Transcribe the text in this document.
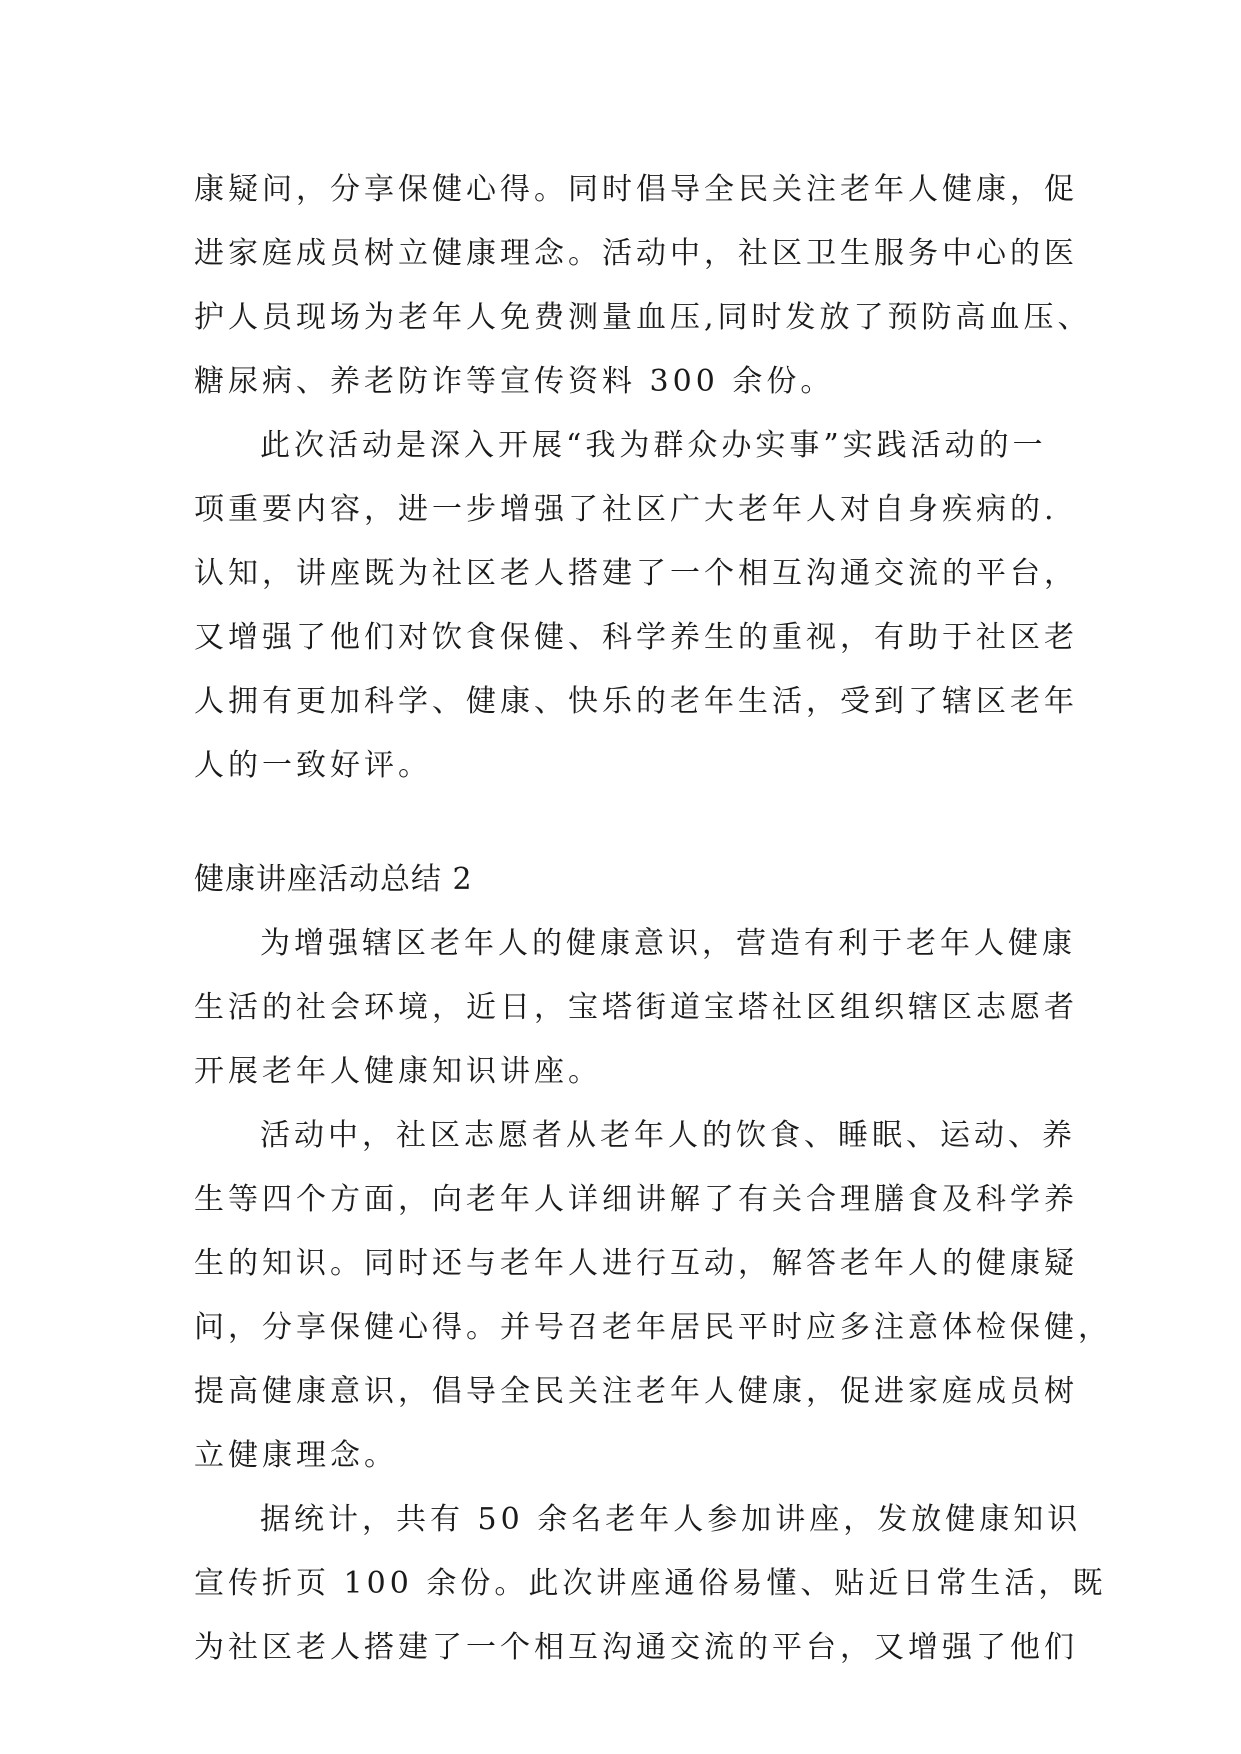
康疑问，分享保健心得。同时倡导全民关注老年人健康，促
进家庭成员树立健康理念。活动中，社区卫生服务中心的医
护人员现场为老年人免费测量血压,同时发放了预防高血压、
糖尿病、养老防诈等宣传资料 300 余份。
此次活动是深入开展“我为群众办实事”实践活动的一
项重要内容，进一步增强了社区广大老年人对自身疾病的.
认知，讲座既为社区老人搭建了一个相互沟通交流的平台，
又增强了他们对饮食保健、科学养生的重视，有助于社区老
人拥有更加科学、健康、快乐的老年生活，受到了辖区老年
人的一致好评。
健康讲座活动总结 2
为增强辖区老年人的健康意识，营造有利于老年人健康
生活的社会环境，近日，宝塔街道宝塔社区组织辖区志愿者
开展老年人健康知识讲座。
活动中，社区志愿者从老年人的饮食、睡眠、运动、养
生等四个方面，向老年人详细讲解了有关合理膳食及科学养
生的知识。同时还与老年人进行互动，解答老年人的健康疑
问，分享保健心得。并号召老年居民平时应多注意体检保健，
提高健康意识，倡导全民关注老年人健康，促进家庭成员树
立健康理念。
据统计，共有 50 余名老年人参加讲座，发放健康知识
宣传折页 100 余份。此次讲座通俗易懂、贴近日常生活，既
为社区老人搭建了一个相互沟通交流的平台，又增强了他们
